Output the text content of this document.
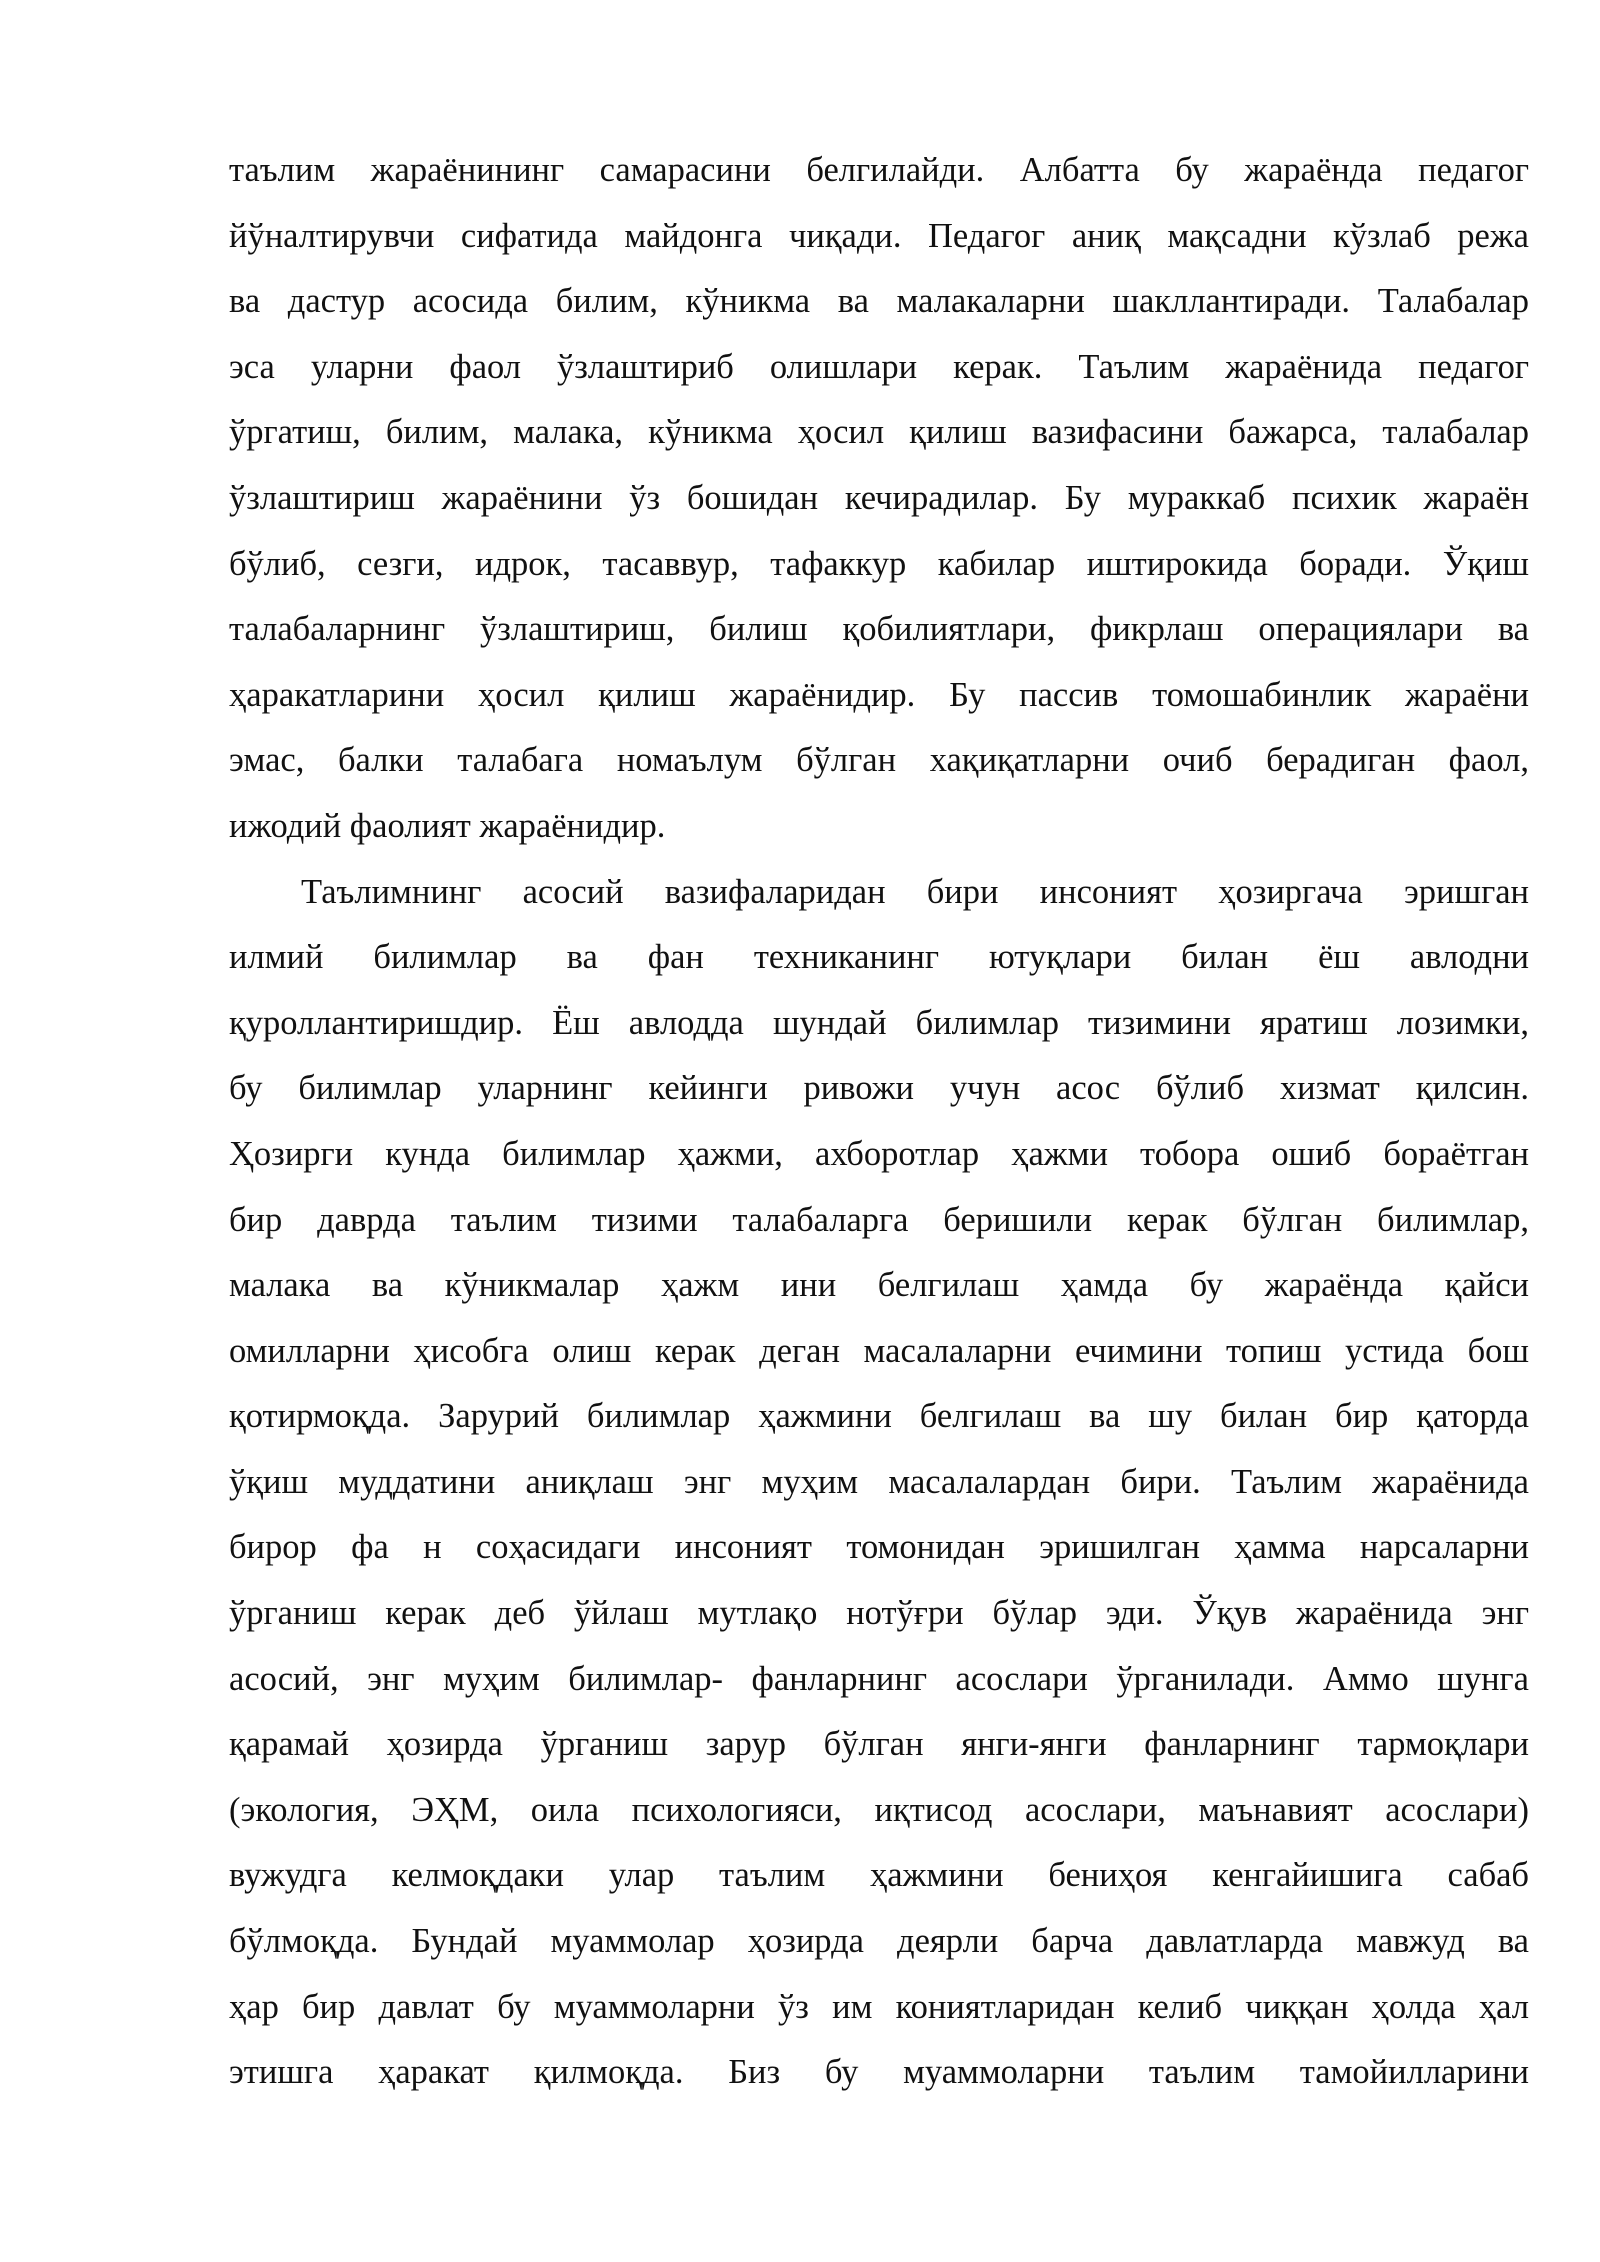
таълим жараёнининг самарасини белгилайди. Албатта бу жараёнда педагог
йўналтирувчи сифатида майдонга чиқади. Педагог аниқ мақсадни кўзлаб режа
ва дастур асосида билим, кўникма ва малакаларни шакллантиради. Талабалар
эса уларни фаол ўзлаштириб олишлари керак. Таълим жараёнида педагог
ўргатиш, билим, малака, кўникма ҳосил қилиш вазифасини бажарса, талабалар
ўзлаштириш жараёнини ўз бошидан кечирадилар. Бу мураккаб психик жараён
бўлиб, сезги, идрок, тасаввур, тафаккур кабилар иштирокида боради. Ўқиш
талабаларнинг ўзлаштириш, билиш қобилиятлари, фикрлаш операциялари ва
ҳаракатларини ҳосил қилиш жараёнидир. Бу пассив томошабинлик жараёни
эмас, балки талабага номаълум бўлган хақиқатларни очиб берадиган фаол,
ижодий фаолият жараёнидир.
Таълимнинг асосий вазифаларидан бири инсоният ҳозиргача эришган
илмий билимлар ва фан техниканинг ютуқлари билан ёш авлодни
қуроллантиришдир. Ёш авлодда шундай билимлар тизимини яратиш лозимки,
бу билимлар уларнинг кейинги ривожи учун асос бўлиб хизмат қилсин.
Ҳозирги кунда билимлар ҳажми, ахборотлар ҳажми тобора ошиб бораётган
бир даврда таълим тизими талабаларга беришили керак бўлган билимлар,
малака ва кўникмалар ҳажм ини белгилаш ҳамда бу жараёнда қайси
омилларни ҳисобга олиш керак деган масалаларни ечимини топиш устида бош
қотирмоқда. Зарурий билимлар ҳажмини белгилаш ва шу билан бир қаторда
ўқиш муддатини аниқлаш энг муҳим масалалардан бири. Таълим жараёнида
бирор фа н соҳасидаги инсоният томонидан эришилган ҳамма нарсаларни
ўрганиш керак деб ўйлаш мутлақо нотўғри бўлар эди. Ўқув жараёнида энг
асосий, энг муҳим билимлар- фанларнинг асослари ўрганилади. Аммо шунга
қарамай ҳозирда ўрганиш зарур бўлган янги-янги фанларнинг тармоқлари
(экология, ЭҲМ, оила психологияси, иқтисод асослари, маънавият асослари)
вужудга келмоқдаки улар таълим ҳажмини бениҳоя кенгайишига сабаб
бўлмоқда. Бундай муаммолар ҳозирда деярли барча давлатларда мавжуд ва
ҳар бир давлат бу муаммоларни ўз им кониятларидан келиб чиққан ҳолда ҳал
этишга ҳаракат қилмоқда. Биз бу муаммоларни таълим тамойилларини
